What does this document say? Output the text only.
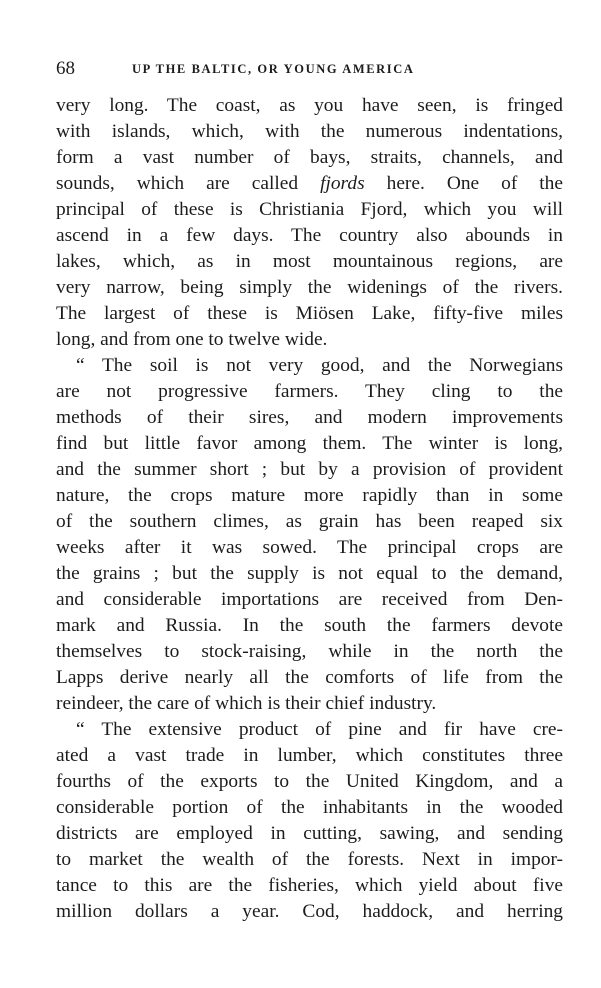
68	UP THE BALTIC, OR YOUNG AMERICA
very long. The coast, as you have seen, is fringed
with islands, which, with the numerous indentations,
form a vast number of bays, straits, channels, and
sounds, which are called fjords here. One of the
principal of these is Christiania Fjord, which you will
ascend in a few days. The country also abounds in
lakes, which, as in most mountainous regions, are
very narrow, being simply the widenings of the rivers.
The largest of these is Miösen Lake, fifty-five miles
long, and from one to twelve wide.
“ The soil is not very good, and the Norwegians
are not progressive farmers. They cling to the
methods of their sires, and modern improvements
find but little favor among them. The winter is long,
and the summer short ; but by a provision of provident
nature, the crops mature more rapidly than in some
of the southern climes, as grain has been reaped six
weeks after it was sowed. The principal crops are
the grains ; but the supply is not equal to the demand,
and considerable importations are received from Den-
mark and Russia. In the south the farmers devote
themselves to stock-raising, while in the north the
Lapps derive nearly all the comforts of life from the
reindeer, the care of which is their chief industry.
“ The extensive product of pine and fir have cre-
ated a vast trade in lumber, which constitutes three
fourths of the exports to the United Kingdom, and a
considerable portion of the inhabitants in the wooded
districts are employed in cutting, sawing, and sending
to market the wealth of the forests. Next in impor-
tance to this are the fisheries, which yield about five
million dollars a year. Cod, haddock, and herring
